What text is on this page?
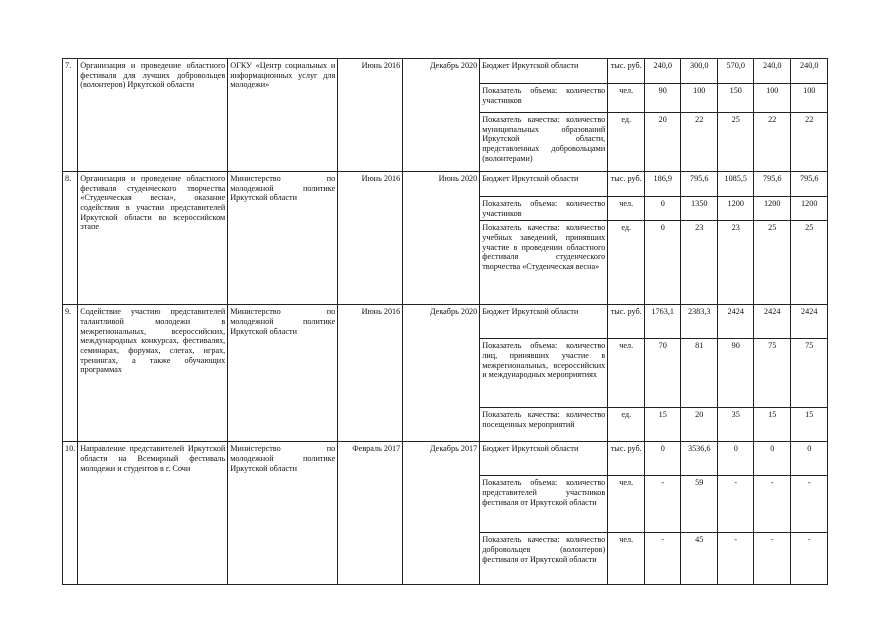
7.	Организация и проведение областного фестиваля для лучших добровольцев (волонтеров) Иркутской области	ОГКУ «Центр социальных и информационных услуг для молодежи»	Июнь 2016	Декабрь 2020	Бюджет Иркутской области	тыс. руб.	240,0	300,0	570,0	240,0	240,0
					Показатель объема: количество участников	чел.	90	100	150	100	100
					Показатель качества: количество муниципальных образований Иркутской области, представленных добровольцами (волонтерами)	ед.	20	22	25	22	22
8.	Организация и проведение областного фестиваля студенческого творчества «Студенческая весна», оказание содействия в участии представителей Иркутской области во всероссийском этапе	Министерство по молодежной политике Иркутской области	Июнь 2016	Июнь 2020	Бюджет Иркутской области	тыс. руб.	186,9	795,6	1085,5	795,6	795,6
					Показатель объема: количество участников	чел.	0	1350	1200	1200	1200
					Показатель качества: количество учебных заведений, принявших участие в проведении областного фестиваля студенческого творчества «Студенческая весна»	ед.	0	23	23	25	25
9.	Содействие участию представителей талантливой молодежи в межрегиональных, всероссийских, международных конкурсах, фестивалях, семинарах, форумах, слетах, играх, тренингах, а также обучающих программах	Министерство по молодежной политике Иркутской области	Июнь 2016	Декабрь 2020	Бюджет Иркутской области	тыс. руб.	1763,1	2383,3	2424	2424	2424
					Показатель объема: количество лиц, принявших участие в межрегиональных, всероссийских и международных мероприятиях	чел.	70	81	90	75	75
					Показатель качества: количество посещенных мероприятий	ед.	15	20	35	15	15
10.	Направление представителей Иркутской области на Всемирный фестиваль молодежи и студентов в г. Сочи	Министерство по молодежной политике Иркутской области	Февраль 2017	Декабрь 2017	Бюджет Иркутской области	тыс. руб.	0	3536,6	0	0	0
					Показатель объема: количество представителей участников фестиваля от Иркутской области	чел.	-	59	-	-	-
					Показатель качества: количество добровольцев (волонтеров) фестиваля от Иркутской области	чел.	-	45	-	-	-
